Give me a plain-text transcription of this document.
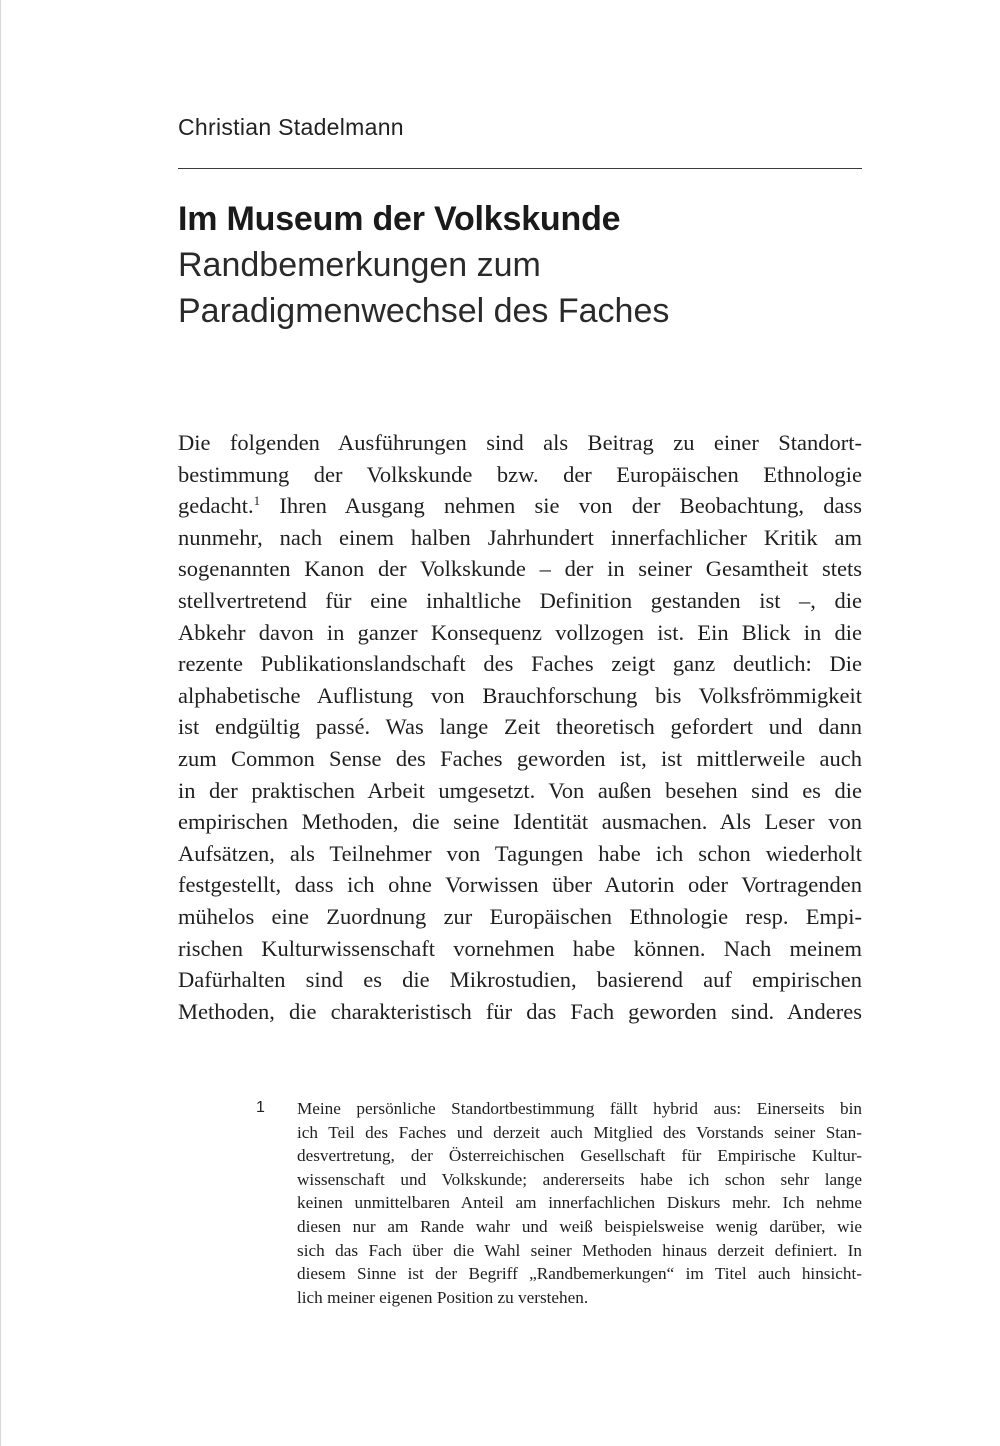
Christian Stadelmann
Im Museum der Volkskunde
Randbemerkungen zum
Paradigmenwechsel des Faches
Die folgenden Ausführungen sind als Beitrag zu einer Standort-
bestimmung der Volkskunde bzw. der Europäischen Ethnologie
gedacht.$^1$ Ihren Ausgang nehmen sie von der Beobachtung, dass
nunmehr, nach einem halben Jahrhundert innerfachlicher Kritik am
sogenannten Kanon der Volkskunde – der in seiner Gesamtheit stets
stellvertretend für eine inhaltliche Definition gestanden ist –, die
Abkehr davon in ganzer Konsequenz vollzogen ist. Ein Blick in die
rezente Publikationslandschaft des Faches zeigt ganz deutlich: Die
alphabetische Auflistung von Brauchforschung bis Volksfrömmigkeit
ist endgültig passé. Was lange Zeit theoretisch gefordert und dann
zum Common Sense des Faches geworden ist, ist mittlerweile auch
in der praktischen Arbeit umgesetzt. Von außen besehen sind es die
empirischen Methoden, die seine Identität ausmachen. Als Leser von
Aufsätzen, als Teilnehmer von Tagungen habe ich schon wiederholt
festgestellt, dass ich ohne Vorwissen über Autorin oder Vortragenden
mühelos eine Zuordnung zur Europäischen Ethnologie resp. Empi-
rischen Kulturwissenschaft vornehmen habe können. Nach meinem
Dafürhalten sind es die Mikrostudien, basierend auf empirischen
Methoden, die charakteristisch für das Fach geworden sind. Anderes
1 Meine persönliche Standortbestimmung fällt hybrid aus: Einerseits bin
ich Teil des Faches und derzeit auch Mitglied des Vorstands seiner Stan-
desvertretung, der Österreichischen Gesellschaft für Empirische Kultur-
wissenschaft und Volkskunde; andererseits habe ich schon sehr lange
keinen unmittelbaren Anteil am innerfachlichen Diskurs mehr. Ich nehme
diesen nur am Rande wahr und weiß beispielsweise wenig darüber, wie
sich das Fach über die Wahl seiner Methoden hinaus derzeit definiert. In
diesem Sinne ist der Begriff „Randbemerkungen“ im Titel auch hinsicht-
lich meiner eigenen Position zu verstehen.
